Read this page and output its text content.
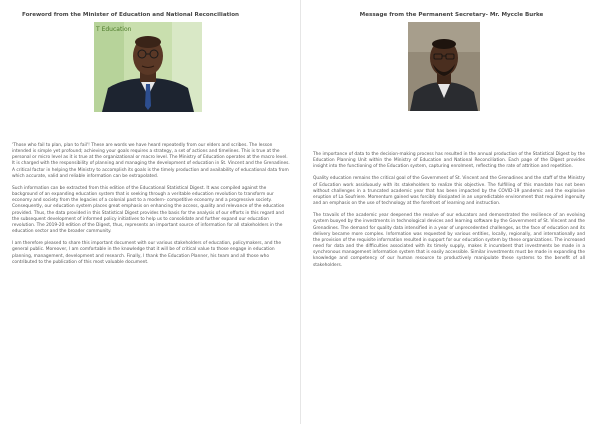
Foreword from the Minister of Education and National Reconciliation
T Education

'Those who fail to plan, plan to fail'! These are words we have heard repeatedly from our elders and scribes. The lesson intended is simple yet profound; achieving your goals requires a strategy, a set of actions and timelines. This is true at the personal or micro level as it is true at the organizational or macro level. The Ministry of Education operates at the macro level. It is charged with the responsibility of planning and managing the development of education in St. Vincent and the Grenadines. A critical factor in helping the Ministry to accomplish its goals is the timely production and availability of educational data from which accurate, valid and reliable information can be extrapolated.

Such information can be extracted from this edition of the Educational Statistical Digest. It was compiled against the background of an expanding education system that is seeking through a veritable education revolution to transform our economy and society from the legacies of a colonial past to a modern- competitive economy and a progressive society. Consequently, our education system places great emphasis on enhancing the access, quality and relevance of the education provided. Thus, the data provided in this Statistical Digest provides the basis for the analysis of our efforts in this regard and the subsequent development of informed policy initiatives to help us to consolidate and further expand our education revolution. The 2019-20 edition of the Digest, thus, represents an important source of information for all stakeholders in the education sector and the broader community.

I am therefore pleased to share this important document with our various stakeholders of education, policymakers, and the general public. Moreover, I am comfortable in the knowledge that it will be of critical value to those engage in education planning, management, development and research. Finally, I thank the Education Planner, his team and all those who contributed to the publication of this most valuable document.

Message from the Permanent Secretary- Mr. Myccle Burke

The importance of data to the decision-making process has resulted in the annual production of the Statistical Digest by the Education Planning Unit within the Ministry of Education and National Reconciliation. Each page of the Digest provides insight into the functioning of the Education system, capturing enrolment, reflecting the rate of attrition and repetition.

Quality education remains the critical goal of the Government of St. Vincent and the Grenadines and the staff of the Ministry of Education work assiduously with its stakeholders to realize this objective. The fulfilling of this mandate has not been without challenges in a truncated academic year that has been impacted by the COVID-19 pandemic and the explosive eruption of La Soufriere. Momentum gained was forcibly dissipated in an unpredictable environment that required ingenuity and an emphasis on the use of technology at the forefront of learning and instruction.

The travails of the academic year deepened the resolve of our educators and demonstrated the resilience of an evolving system buoyed by the investments in technological devices and learning software by the Government of St. Vincent and the Grenadines. The demand for quality data intensified in a year of unprecedented challenges, as the face of education and its delivery became more complex. Information was requested by various entities, locally, regionally, and internationally and the provision of the requisite information resulted in support for our education system by these organizations. The increased need for data and the difficulties associated with its timely supply, makes it incumbent that investments be made in a synchronous management information system that is easily accessible. Similar investments must be made in expanding the knowledge and competency of our human resource to productively manipulate these systems to the benefit of all stakeholders.
